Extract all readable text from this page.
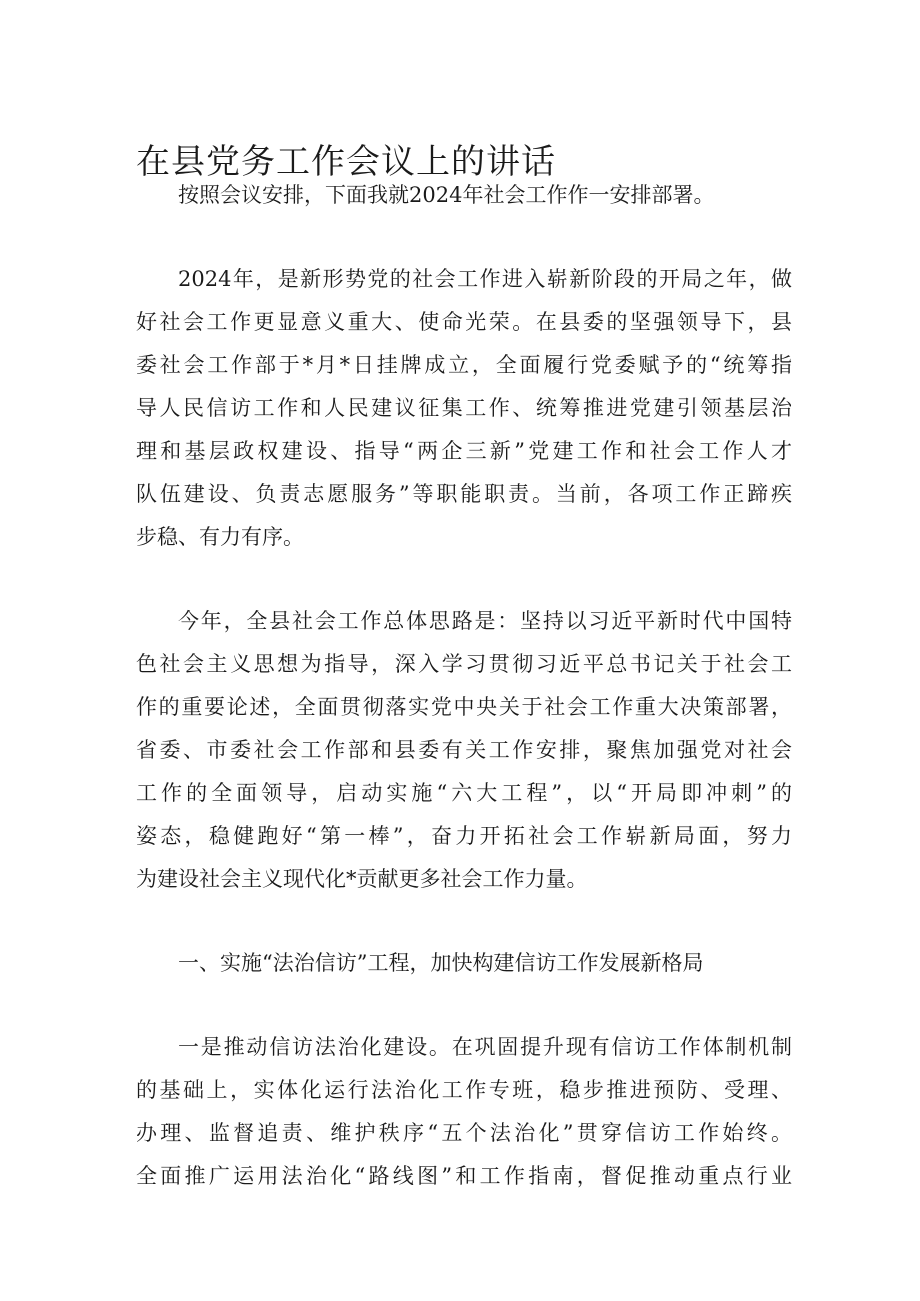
在县党务工作会议上的讲话
按照会议安排，下面我就2024年社会工作作一安排部署。
2024年，是新形势党的社会工作进入崭新阶段的开局之年，做
好社会工作更显意义重大、使命光荣。在县委的坚强领导下，县
委社会工作部于*月*日挂牌成立，全面履行党委赋予的“统筹指
导人民信访工作和人民建议征集工作、统筹推进党建引领基层治
理和基层政权建设、指导“两企三新”党建工作和社会工作人才
队伍建设、负责志愿服务”等职能职责。当前，各项工作正蹄疾
步稳、有力有序。
今年，全县社会工作总体思路是：坚持以习近平新时代中国特
色社会主义思想为指导，深入学习贯彻习近平总书记关于社会工
作的重要论述，全面贯彻落实党中央关于社会工作重大决策部署，
省委、市委社会工作部和县委有关工作安排，聚焦加强党对社会
工作的全面领导，启动实施“六大工程”，以“开局即冲刺”的
姿态，稳健跑好“第一棒”，奋力开拓社会工作崭新局面，努力
为建设社会主义现代化*贡献更多社会工作力量。
一、实施“法治信访”工程，加快构建信访工作发展新格局
一是推动信访法治化建设。在巩固提升现有信访工作体制机制
的基础上，实体化运行法治化工作专班，稳步推进预防、受理、
办理、监督追责、维护秩序“五个法治化”贯穿信访工作始终。
全面推广运用法治化“路线图”和工作指南，督促推动重点行业
